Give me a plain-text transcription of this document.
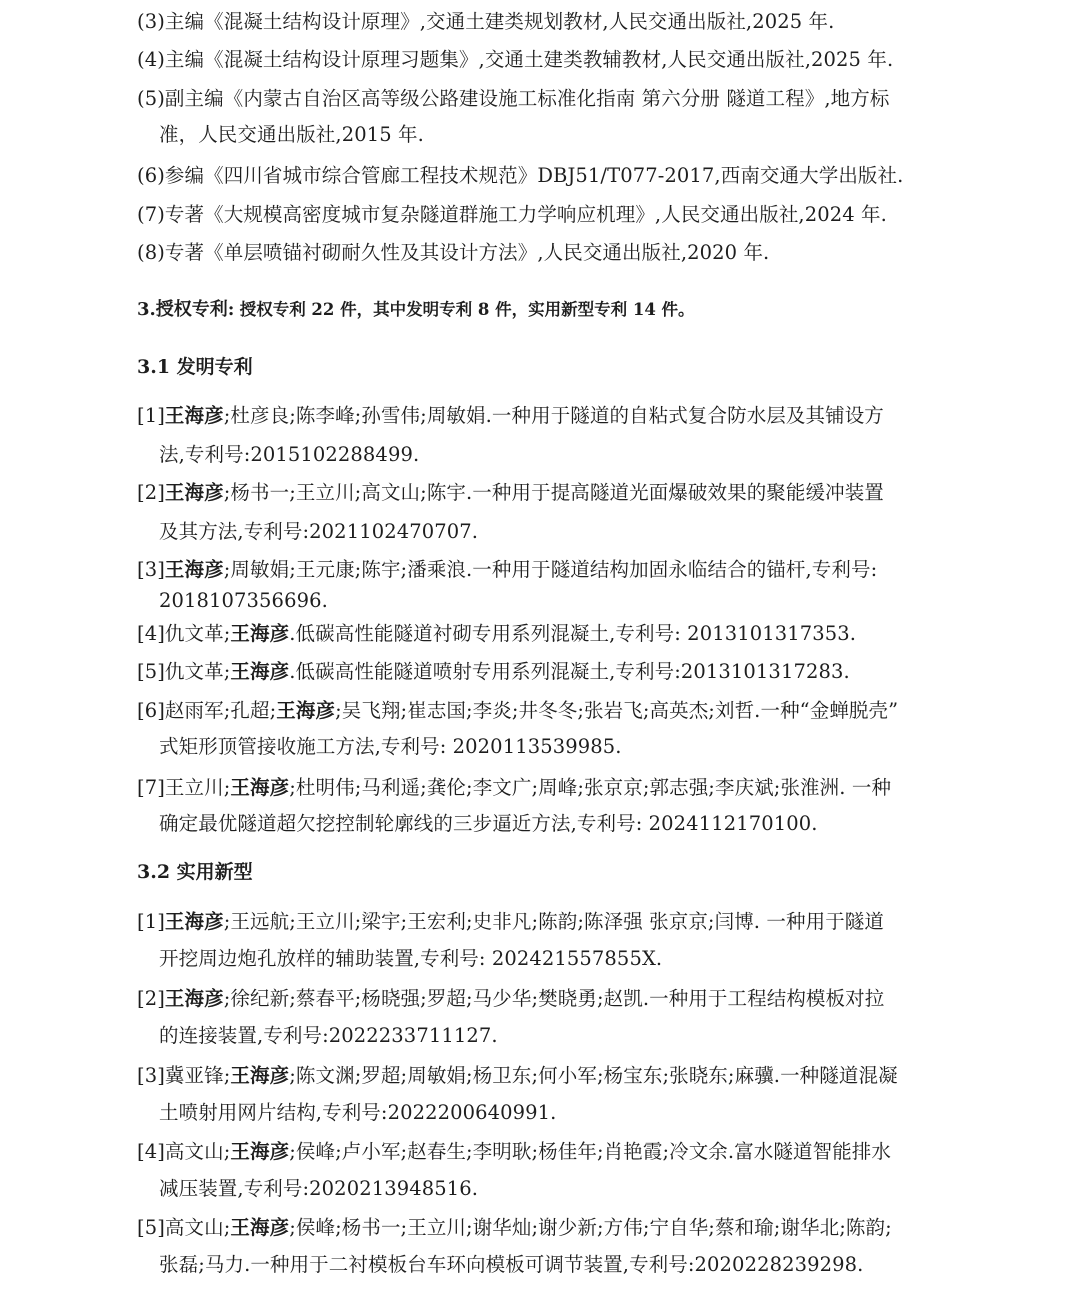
(3)主编《混凝土结构设计原理》,交通土建类规划教材,人民交通出版社,2025 年.
(4)主编《混凝土结构设计原理习题集》,交通土建类教辅教材,人民交通出版社,2025 年.
(5)副主编《内蒙古自治区高等级公路建设施工标准化指南 第六分册 隧道工程》,地方标
准，人民交通出版社,2015 年.
(6)参编《四川省城市综合管廊工程技术规范》DBJ51/T077-2017,西南交通大学出版社.
(7)专著《大规模高密度城市复杂隧道群施工力学响应机理》,人民交通出版社,2024 年.
(8)专著《单层喷锚衬砌耐久性及其设计方法》,人民交通出版社,2020 年.
3.授权专利: 授权专利 22 件，其中发明专利 8 件，实用新型专利 14 件。
3.1 发明专利
[1]王海彦;杜彦良;陈李峰;孙雪伟;周敏娟.一种用于隧道的自粘式复合防水层及其铺设方
法,专利号:2015102288499.
[2]王海彦;杨书一;王立川;高文山;陈宇.一种用于提高隧道光面爆破效果的聚能缓冲装置
及其方法,专利号:2021102470707.
[3]王海彦;周敏娟;王元康;陈宇;潘乘浪.一种用于隧道结构加固永临结合的锚杆,专利号:
2018107356696.
[4]仇文革;王海彦.低碳高性能隧道衬砌专用系列混凝土,专利号: 2013101317353.
[5]仇文革;王海彦.低碳高性能隧道喷射专用系列混凝土,专利号:2013101317283.
[6]赵雨军;孔超;王海彦;吴飞翔;崔志国;李炎;井冬冬;张岩飞;高英杰;刘哲.一种“金蝉脱壳”
式矩形顶管接收施工方法,专利号: 2020113539985.
[7]王立川;王海彦;杜明伟;马利遥;龚伦;李文广;周峰;张京京;郭志强;李庆斌;张淮洲. 一种
确定最优隧道超欠挖控制轮廓线的三步逼近方法,专利号: 2024112170100.
3.2 实用新型
[1]王海彦;王远航;王立川;梁宇;王宏利;史非凡;陈韵;陈泽强 张京京;闫博. 一种用于隧道
开挖周边炮孔放样的辅助装置,专利号: 202421557855X.
[2]王海彦;徐纪新;蔡春平;杨晓强;罗超;马少华;樊晓勇;赵凯.一种用于工程结构模板对拉
的连接装置,专利号:2022233711127.
[3]冀亚锋;王海彦;陈文渊;罗超;周敏娟;杨卫东;何小军;杨宝东;张晓东;麻骥.一种隧道混凝
土喷射用网片结构,专利号:2022200640991.
[4]高文山;王海彦;侯峰;卢小军;赵春生;李明耿;杨佳年;肖艳霞;冷文余.富水隧道智能排水
减压装置,专利号:2020213948516.
[5]高文山;王海彦;侯峰;杨书一;王立川;谢华灿;谢少新;方伟;宁自华;蔡和瑜;谢华北;陈韵;
张磊;马力.一种用于二衬模板台车环向模板可调节装置,专利号:2020228239298.
